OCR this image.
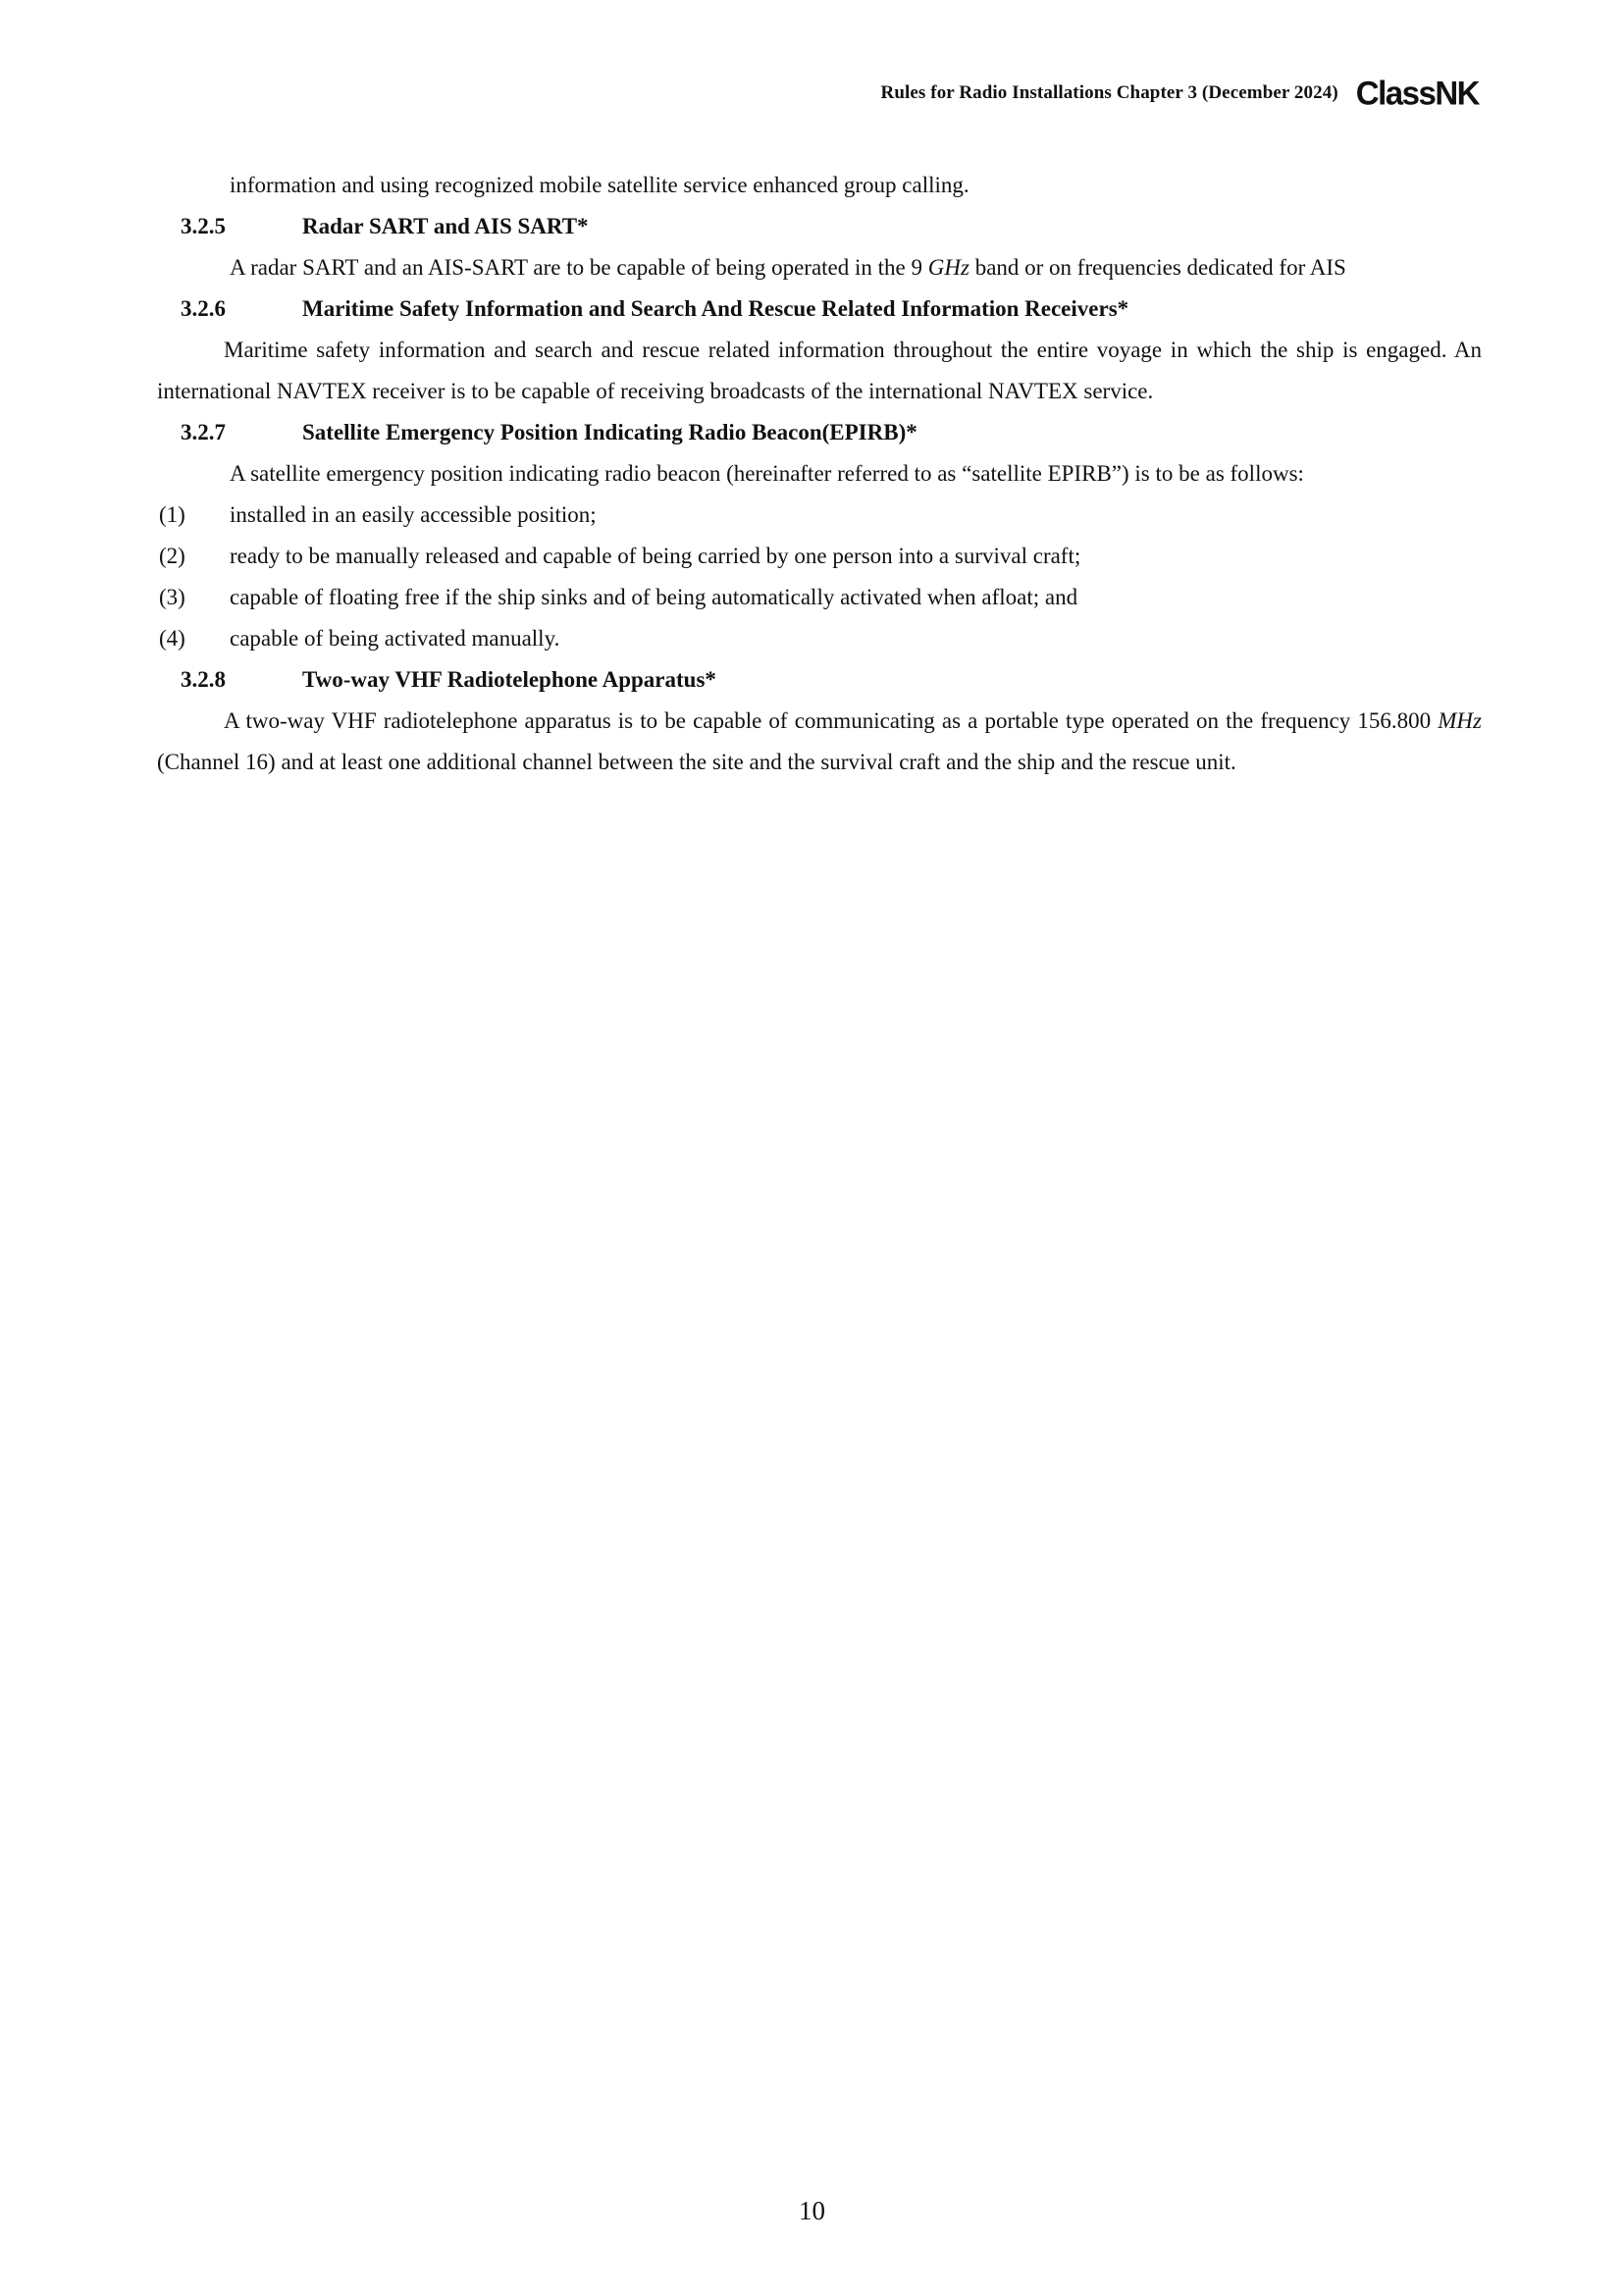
Rules for Radio Installations Chapter 3 (December 2024) ClassNK

information and using recognized mobile satellite service enhanced group calling.

3.2.5	Radar SART and AIS SART*

A radar SART and an AIS-SART are to be capable of being operated in the 9 GHz band or on frequencies dedicated for AIS

3.2.6	Maritime Safety Information and Search And Rescue Related Information Receivers*

Maritime safety information and search and rescue related information throughout the entire voyage in which the ship is engaged. An international NAVTEX receiver is to be capable of receiving broadcasts of the international NAVTEX service.

3.2.7	Satellite Emergency Position Indicating Radio Beacon(EPIRB)*

A satellite emergency position indicating radio beacon (hereinafter referred to as “satellite EPIRB”) is to be as follows:

(1)	installed in an easily accessible position;
(2)	ready to be manually released and capable of being carried by one person into a survival craft;
(3)	capable of floating free if the ship sinks and of being automatically activated when afloat; and
(4)	capable of being activated manually.
3.2.8	Two-way VHF Radiotelephone Apparatus*

A two-way VHF radiotelephone apparatus is to be capable of communicating as a portable type operated on the frequency 156.800 MHz (Channel 16) and at least one additional channel between the site and the survival craft and the ship and the rescue unit.

10
